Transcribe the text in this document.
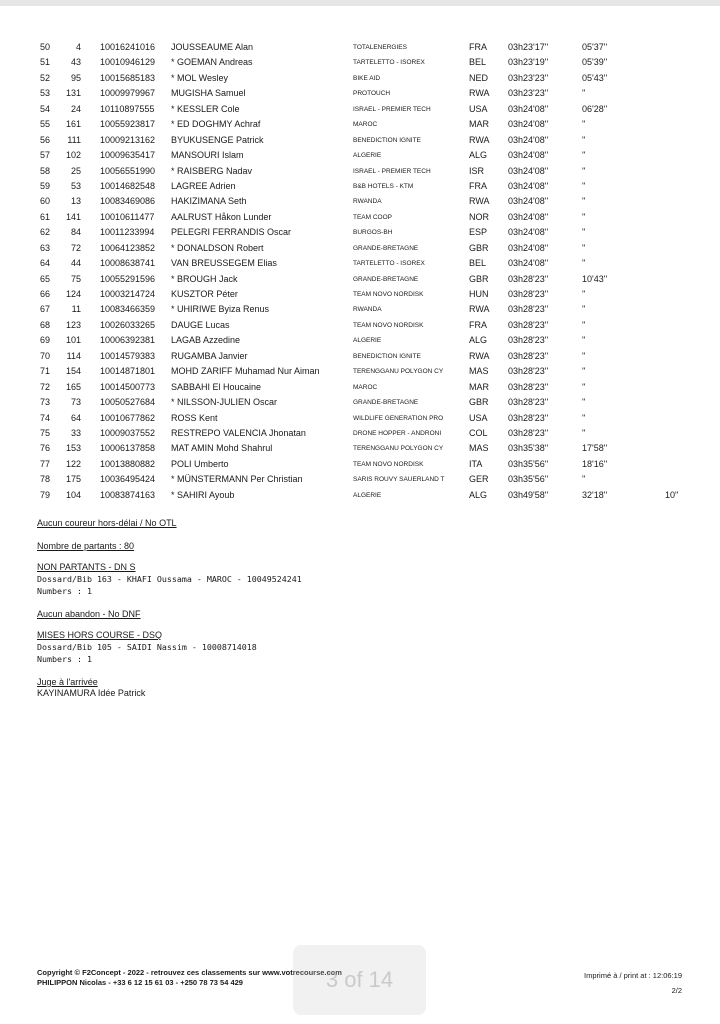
50	4 10016241016 JOUSSEAUME Alan	TOTALENERGIES	FRA 03h23'17''	05'37''
51	43 10010946129 * GOEMAN Andreas	TARTELETTO - ISOREX	BEL 03h23'19''	05'39''
52	95 10015685183 * MOL Wesley	BIKE AID	NED 03h23'23''	05'43''
53	131 10009979967 MUGISHA Samuel	PROTOUCH	RWA 03h23'23''	''
54	24 10110897555 * KESSLER Cole	ISRAEL - PREMIER TECH	USA 03h24'08''	06'28''
55	161 10055923817 * ED DOGHMY Achraf	MAROC	MAR 03h24'08''	''
56	111 10009213162 BYUKUSENGE Patrick	BENEDICTION IGNITE	RWA 03h24'08''	''
57	102 10009635417 MANSOURI Islam	ALGERIE	ALG 03h24'08''	''
58	25 10056551990 * RAISBERG Nadav	ISRAEL - PREMIER TECH	ISR	03h24'08''	''
59	53 10014682548 LAGREE Adrien	B&B HOTELS - KTM	FRA 03h24'08''	''
60	13 10083469086 HAKIZIMANA Seth	RWANDA	RWA 03h24'08''	''
61	141 10010611477 AALRUST Håkon Lunder	TEAM COOP	NOR 03h24'08''	''
62	84 10011233994 PELEGRI FERRANDIS Oscar	BURGOS-BH	ESP 03h24'08''	''
63	72 10064123852 * DONALDSON Robert	GRANDE-BRETAGNE	GBR 03h24'08''	''
64	44 10008638741 VAN BREUSSEGEM Elias	TARTELETTO - ISOREX	BEL 03h24'08''	''
65	75 10055291596 * BROUGH Jack	GRANDE-BRETAGNE	GBR 03h28'23''	10'43''
66	124 10003214724 KUSZTOR Péter	TEAM NOVO NORDISK	HUN 03h28'23''	''
67	11 10083466359 * UHIRIWE Byiza Renus	RWANDA	RWA 03h28'23''	''
68	123 10026033265 DAUGE Lucas	TEAM NOVO NORDISK	FRA 03h28'23''	''
69	101 10006392381 LAGAB Azzedine	ALGERIE	ALG 03h28'23''	''
70	114 10014579383 RUGAMBA Janvier	BENEDICTION IGNITE	RWA 03h28'23''	''
71	154 10014871801 MOHD ZARIFF Muhamad Nur Aiman	TERENGGANU POLYGON CY	MAS 03h28'23''	''
72	165 10014500773 SABBAHI El Houcaine	MAROC	MAR 03h28'23''	''
73	73 10050527684 * NILSSON-JULIEN Oscar	GRANDE-BRETAGNE	GBR 03h28'23''	''
74	64 10010677862 ROSS Kent	WILDLIFE GENERATION PRO	USA 03h28'23''	''
75	33 10009037552 RESTREPO VALENCIA Jhonatan	DRONE HOPPER - ANDRONI	COL 03h28'23''	''
76	153 10006137858 MAT AMIN Mohd Shahrul	TERENGGANU POLYGON CY	MAS 03h35'38''	17'58''
77	122 10013880882 POLI Umberto	TEAM NOVO NORDISK	ITA	03h35'56''	18'16''
78	175 10036495424 * MÜNSTERMANN Per Christian	SARIS ROUVY SAUERLAND T	GER 03h35'56''	''
79	104 10083874163 * SAHIRI Ayoub	ALGERIE	ALG 03h49'58''	32'18''	10''
Aucun coureur hors-délai / No OTL
Nombre de partants : 80
NON PARTANTS - DN S
Dossard/Bib 163 - KHAFI Oussama - MAROC - 10049524241
Numbers : 1
Aucun abandon - No DNF
MISES HORS COURSE - DSQ
Dossard/Bib 105 - SAIDI Nassim - 10008714018
Numbers : 1
Juge à l'arrivée
KAYINAMURA Idée Patrick
Copyright © F2Concept - 2022 - retrouvez ces classements sur www.votrecourse.com
PHILIPPON Nicolas - +33 6 12 15 61 03 - +250 78 73 54 429
Imprimé à / print at : 12:06:19
2/2
3 of 14
